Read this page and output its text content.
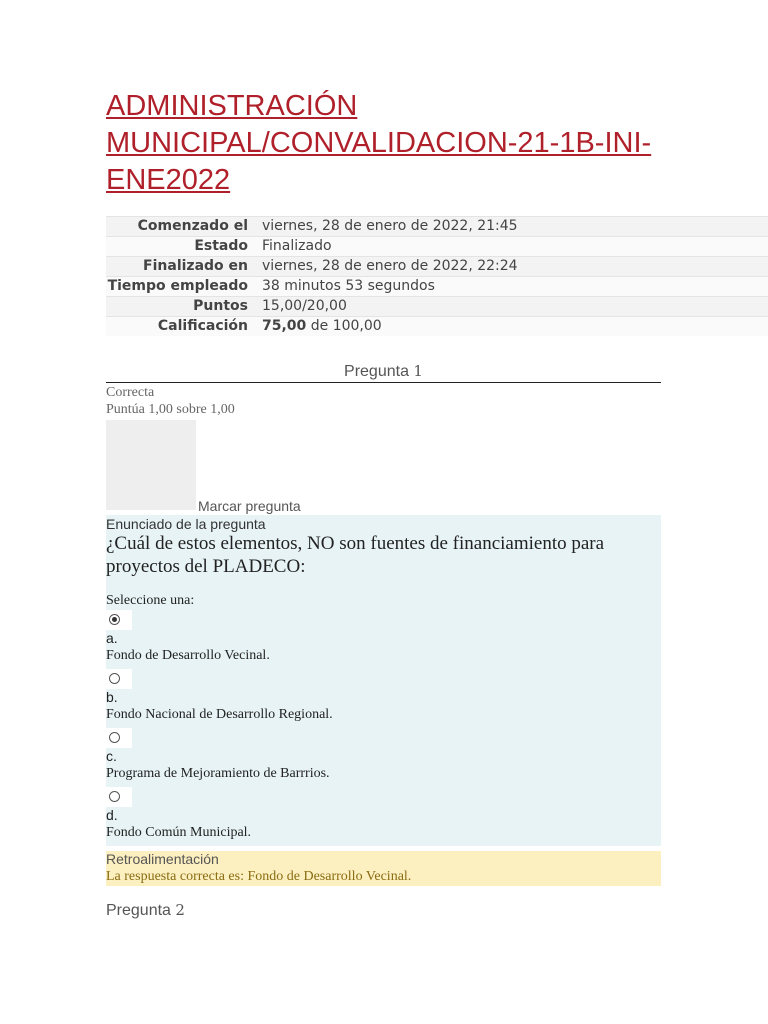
ADMINISTRACIÓN MUNICIPAL/CONVALIDACION-21-1B-INI-ENE2022
Comenzado el	viernes, 28 de enero de 2022, 21:45
Estado	Finalizado
Finalizado en	viernes, 28 de enero de 2022, 22:24
Tiempo empleado	38 minutos 53 segundos
Puntos	15,00/20,00
Calificación	75,00 de 100,00
Pregunta 1
Correcta
Puntúa 1,00 sobre 1,00
Marcar pregunta
Enunciado de la pregunta
¿Cuál de estos elementos, NO son fuentes de financiamiento para proyectos del PLADECO:
Seleccione una:
a.
Fondo de Desarrollo Vecinal.
b.
Fondo Nacional de Desarrollo Regional.
c.
Programa de Mejoramiento de Barrrios.
d.
Fondo Común Municipal.
Retroalimentación
La respuesta correcta es: Fondo de Desarrollo Vecinal.
Pregunta 2
